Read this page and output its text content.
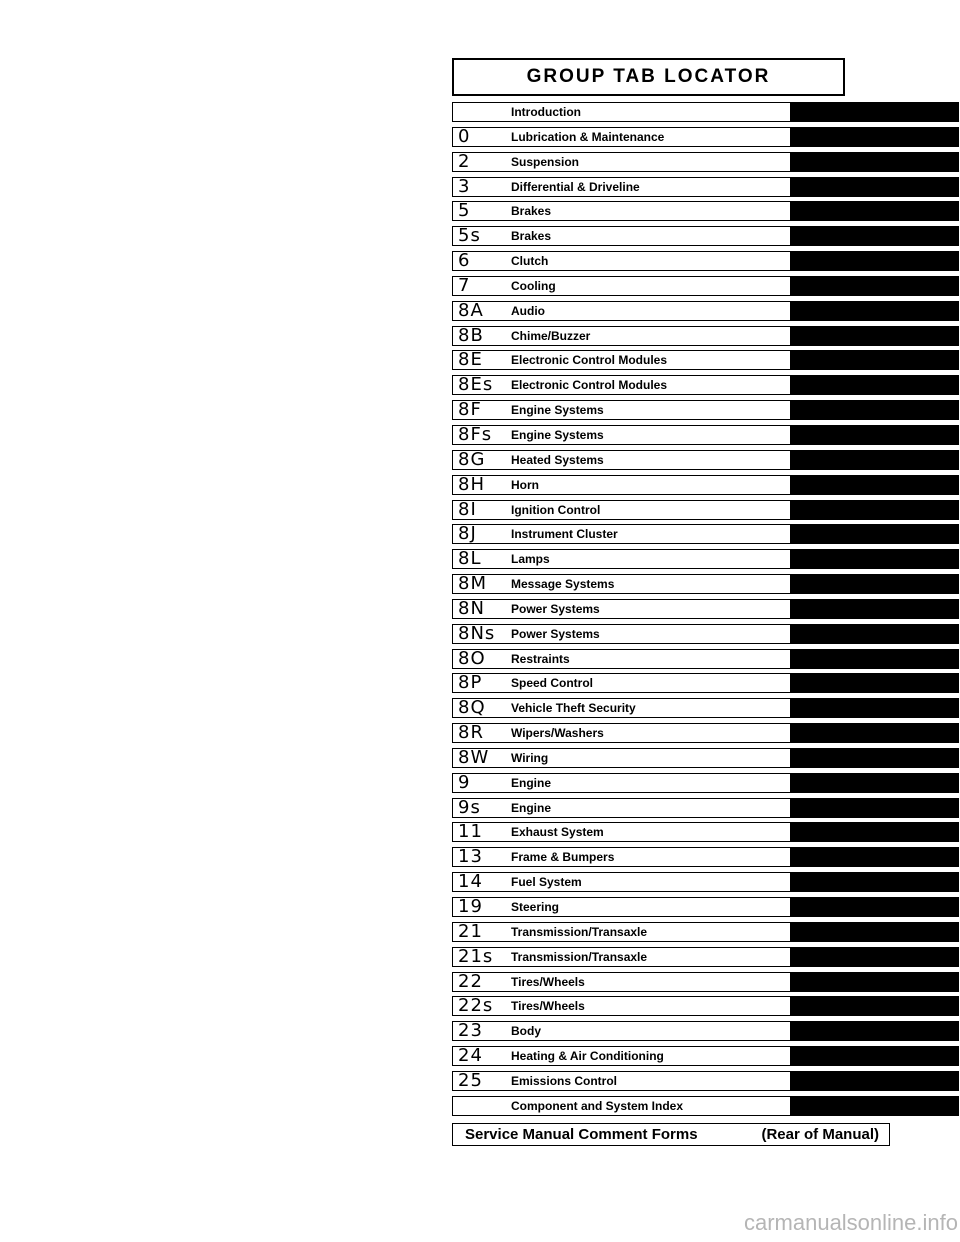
GROUP TAB LOCATOR
Introduction
0	Lubrication & Maintenance
2	Suspension
3	Differential & Driveline
5	Brakes
5s	Brakes
6	Clutch
7	Cooling
8A Audio
8B Chime/Buzzer
8E Electronic Control Modules
8Es Electronic Control Modules
8F Engine Systems
8Fs Engine Systems
8G Heated Systems
8H Horn
8I	Ignition Control
8J	Instrument Cluster
8L Lamps
8M Message Systems
8N Power Systems
8Ns Power Systems
8O Restraints
8P Speed Control
8Q Vehicle Theft Security
8R Wipers/Washers
8W Wiring
9	Engine
9s	Engine
11 Exhaust System
13 Frame & Bumpers
14 Fuel System
19 Steering
21 Transmission/Transaxle
21s Transmission/Transaxle
22 Tires/Wheels
22s Tires/Wheels
23 Body
24 Heating & Air Conditioning
25 Emissions Control
Component and System Index
Service Manual Comment Forms	(Rear of Manual)
carmanualsonline.info
